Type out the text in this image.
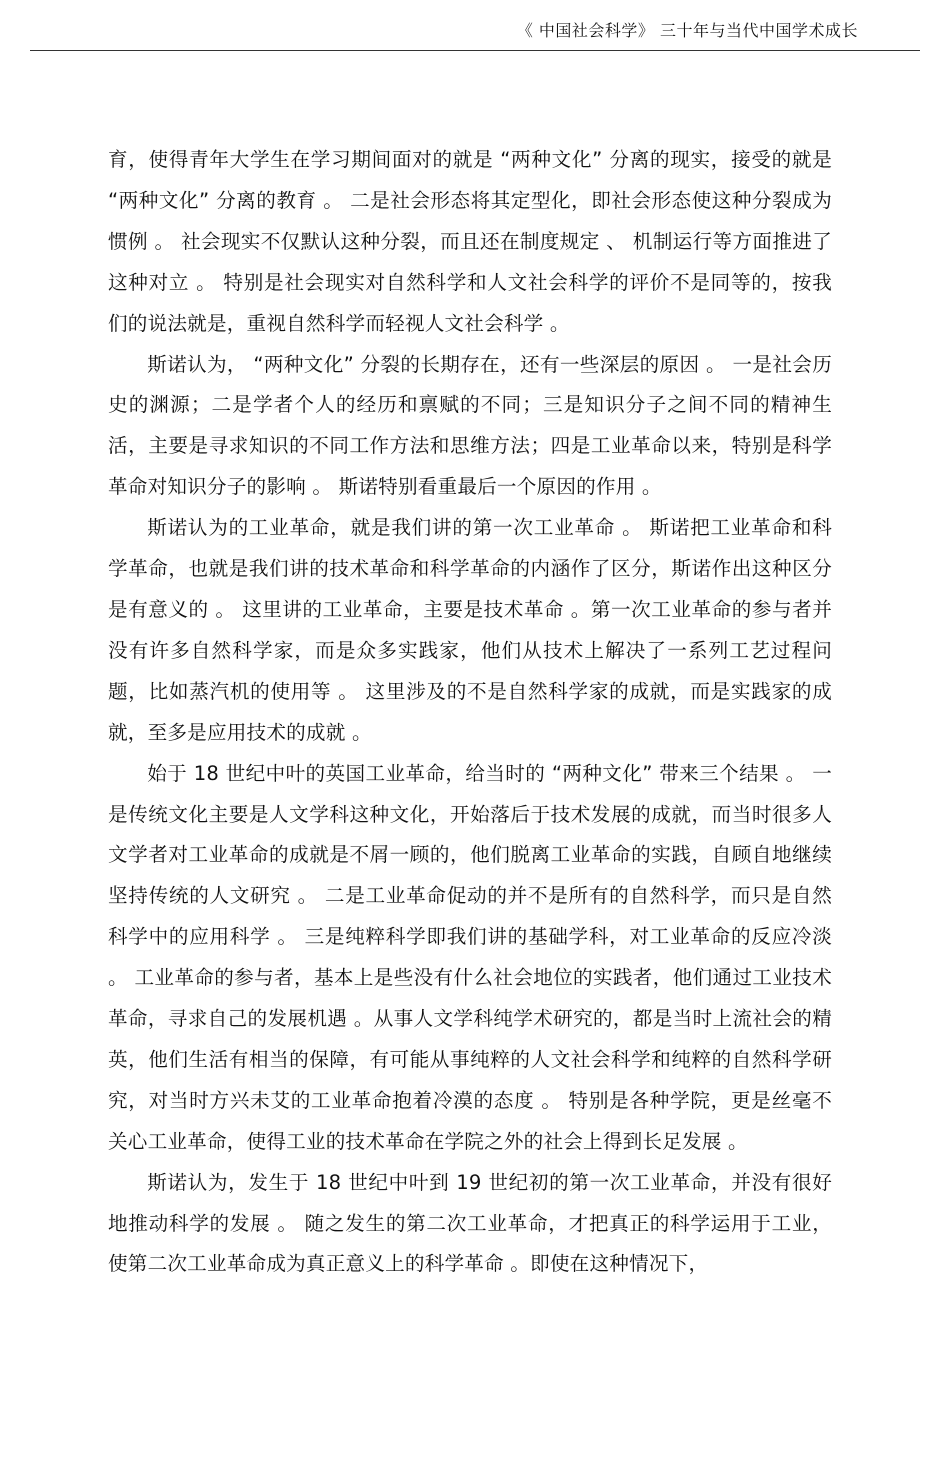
《 中国社会科学》 三十年与当代中国学术成长

育，使得青年大学生在学习期间面对的就是 “两种文化” 分离的现实，接受的就是 “两种文化” 分离的教育 。 二是社会形态将其定型化，即社会形态使这种分裂成为惯例 。 社会现实不仅默认这种分裂，而且还在制度规定 、 机制运行等方面推进了这种对立 。 特别是社会现实对自然科学和人文社会科学的评价不是同等的，按我们的说法就是，重视自然科学而轻视人文社会科学 。

斯诺认为， “两种文化” 分裂的长期存在，还有一些深层的原因 。 一是社会历史的渊源；二是学者个人的经历和禀赋的不同；三是知识分子之间不同的精神生活，主要是寻求知识的不同工作方法和思维方法；四是工业革命以来，特别是科学革命对知识分子的影响 。 斯诺特别看重最后一个原因的作用 。

斯诺认为的工业革命，就是我们讲的第一次工业革命 。 斯诺把工业革命和科学革命，也就是我们讲的技术革命和科学革命的内涵作了区分，斯诺作出这种区分是有意义的 。 这里讲的工业革命，主要是技术革命 。第一次工业革命的参与者并没有许多自然科学家，而是众多实践家，他们从技术上解决了一系列工艺过程问题，比如蒸汽机的使用等 。 这里涉及的不是自然科学家的成就，而是实践家的成就，至多是应用技术的成就 。

始于 18 世纪中叶的英国工业革命，给当时的 “两种文化” 带来三个结果 。 一是传统文化主要是人文学科这种文化，开始落后于技术发展的成就，而当时很多人文学者对工业革命的成就是不屑一顾的，他们脱离工业革命的实践，自顾自地继续坚持传统的人文研究 。 二是工业革命促动的并不是所有的自然科学，而只是自然科学中的应用科学 。 三是纯粹科学即我们讲的基础学科，对工业革命的反应冷淡 。 工业革命的参与者，基本上是些没有什么社会地位的实践者，他们通过工业技术革命，寻求自己的发展机遇 。从事人文学科纯学术研究的，都是当时上流社会的精英，他们生活有相当的保障，有可能从事纯粹的人文社会科学和纯粹的自然科学研究，对当时方兴未艾的工业革命抱着冷漠的态度 。 特别是各种学院，更是丝毫不关心工业革命，使得工业的技术革命在学院之外的社会上得到长足发展 。

斯诺认为，发生于 18 世纪中叶到 19 世纪初的第一次工业革命，并没有很好地推动科学的发展 。 随之发生的第二次工业革命，才把真正的科学运用于工业，使第二次工业革命成为真正意义上的科学革命 。即使在这种情况下，
